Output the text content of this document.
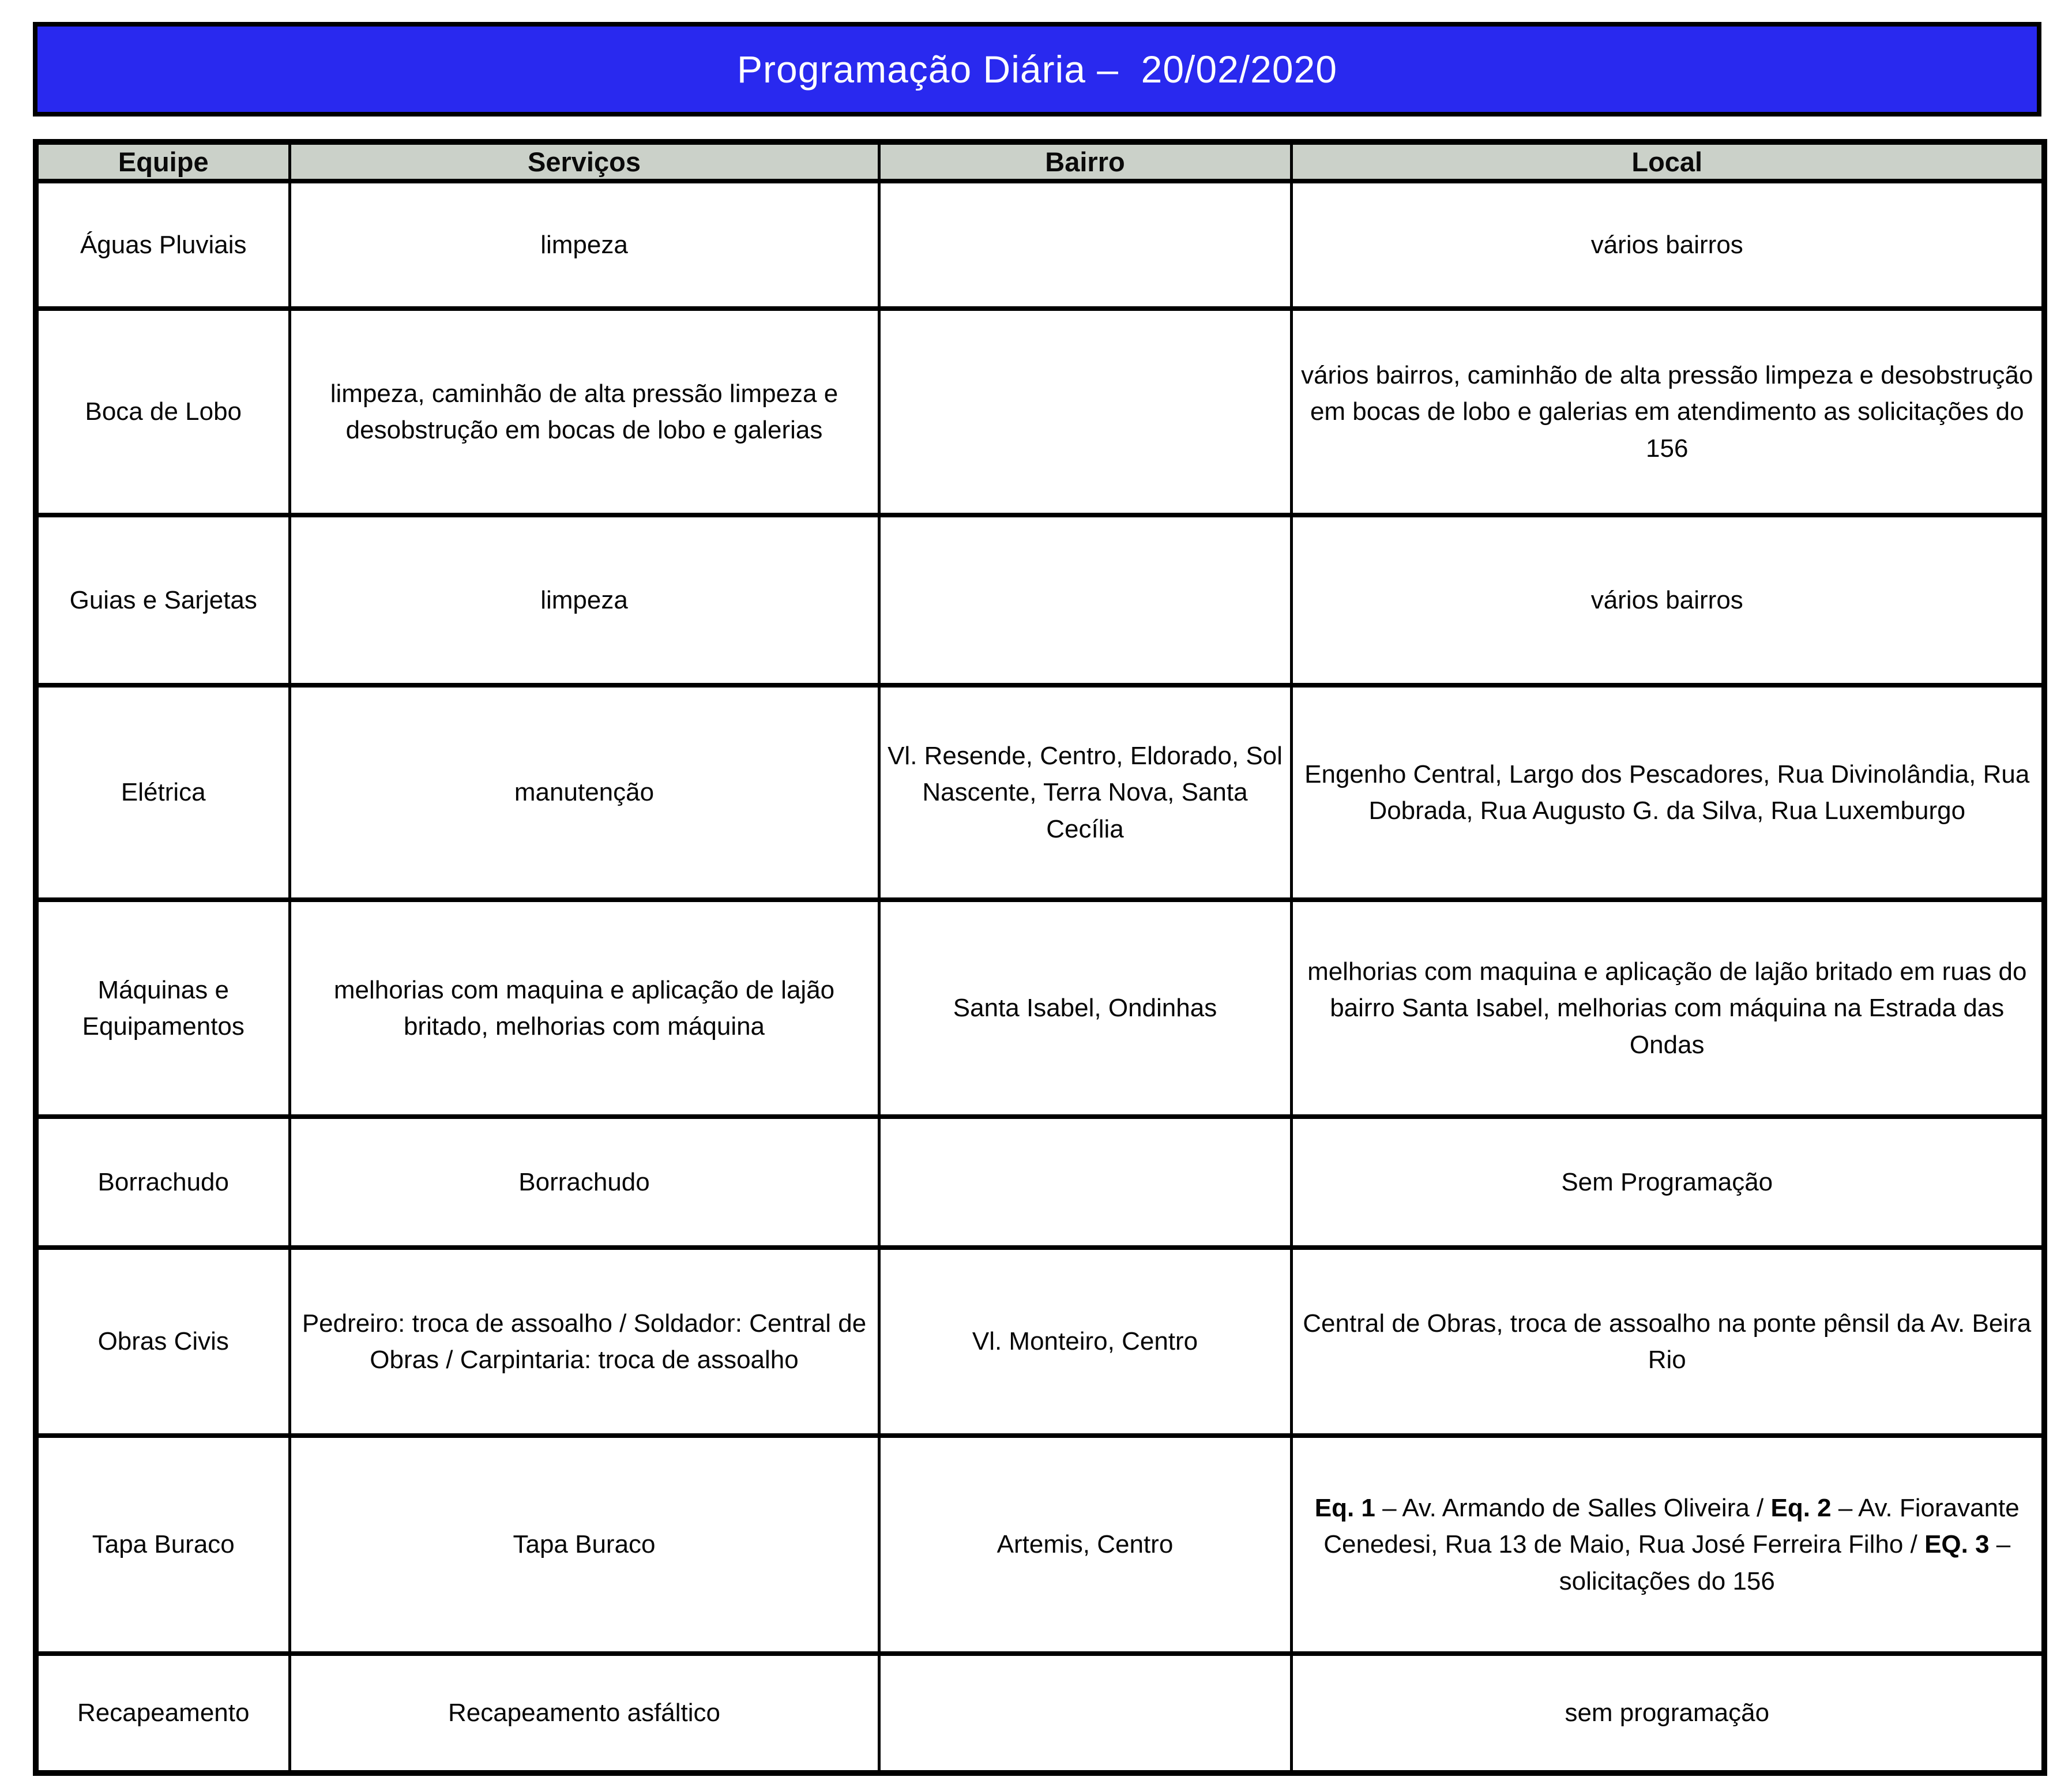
Programação Diária –  20/02/2020
Equipe	Serviços	Bairro	Local
Águas Pluviais	limpeza		vários bairros
Boca de Lobo	limpeza, caminhão de alta pressão limpeza e desobstrução em bocas de lobo e galerias		vários bairros, caminhão de alta pressão limpeza e desobstrução em bocas de lobo e galerias em atendimento as solicitações do 156
Guias e Sarjetas	limpeza		vários bairros
Elétrica	manutenção	Vl. Resende, Centro, Eldorado, Sol Nascente, Terra Nova, Santa Cecília	Engenho Central, Largo dos Pescadores, Rua Divinolândia, Rua Dobrada, Rua Augusto G. da Silva, Rua Luxemburgo
Máquinas e Equipamentos	melhorias com maquina e aplicação de lajão britado, melhorias com máquina	Santa Isabel, Ondinhas	melhorias com maquina e aplicação de lajão britado em ruas do bairro Santa Isabel, melhorias com máquina na Estrada das Ondas
Borrachudo	Borrachudo		Sem Programação
Obras Civis	Pedreiro: troca de assoalho / Soldador: Central de Obras / Carpintaria: troca de assoalho	Vl. Monteiro, Centro	Central de Obras, troca de assoalho na ponte pênsil da Av. Beira Rio
Tapa Buraco	Tapa Buraco	Artemis, Centro	Eq. 1 – Av. Armando de Salles Oliveira / Eq. 2 – Av. Fioravante Cenedesi, Rua 13 de Maio, Rua José Ferreira Filho / EQ. 3 – solicitações do 156
Recapeamento	Recapeamento asfáltico		sem programação
